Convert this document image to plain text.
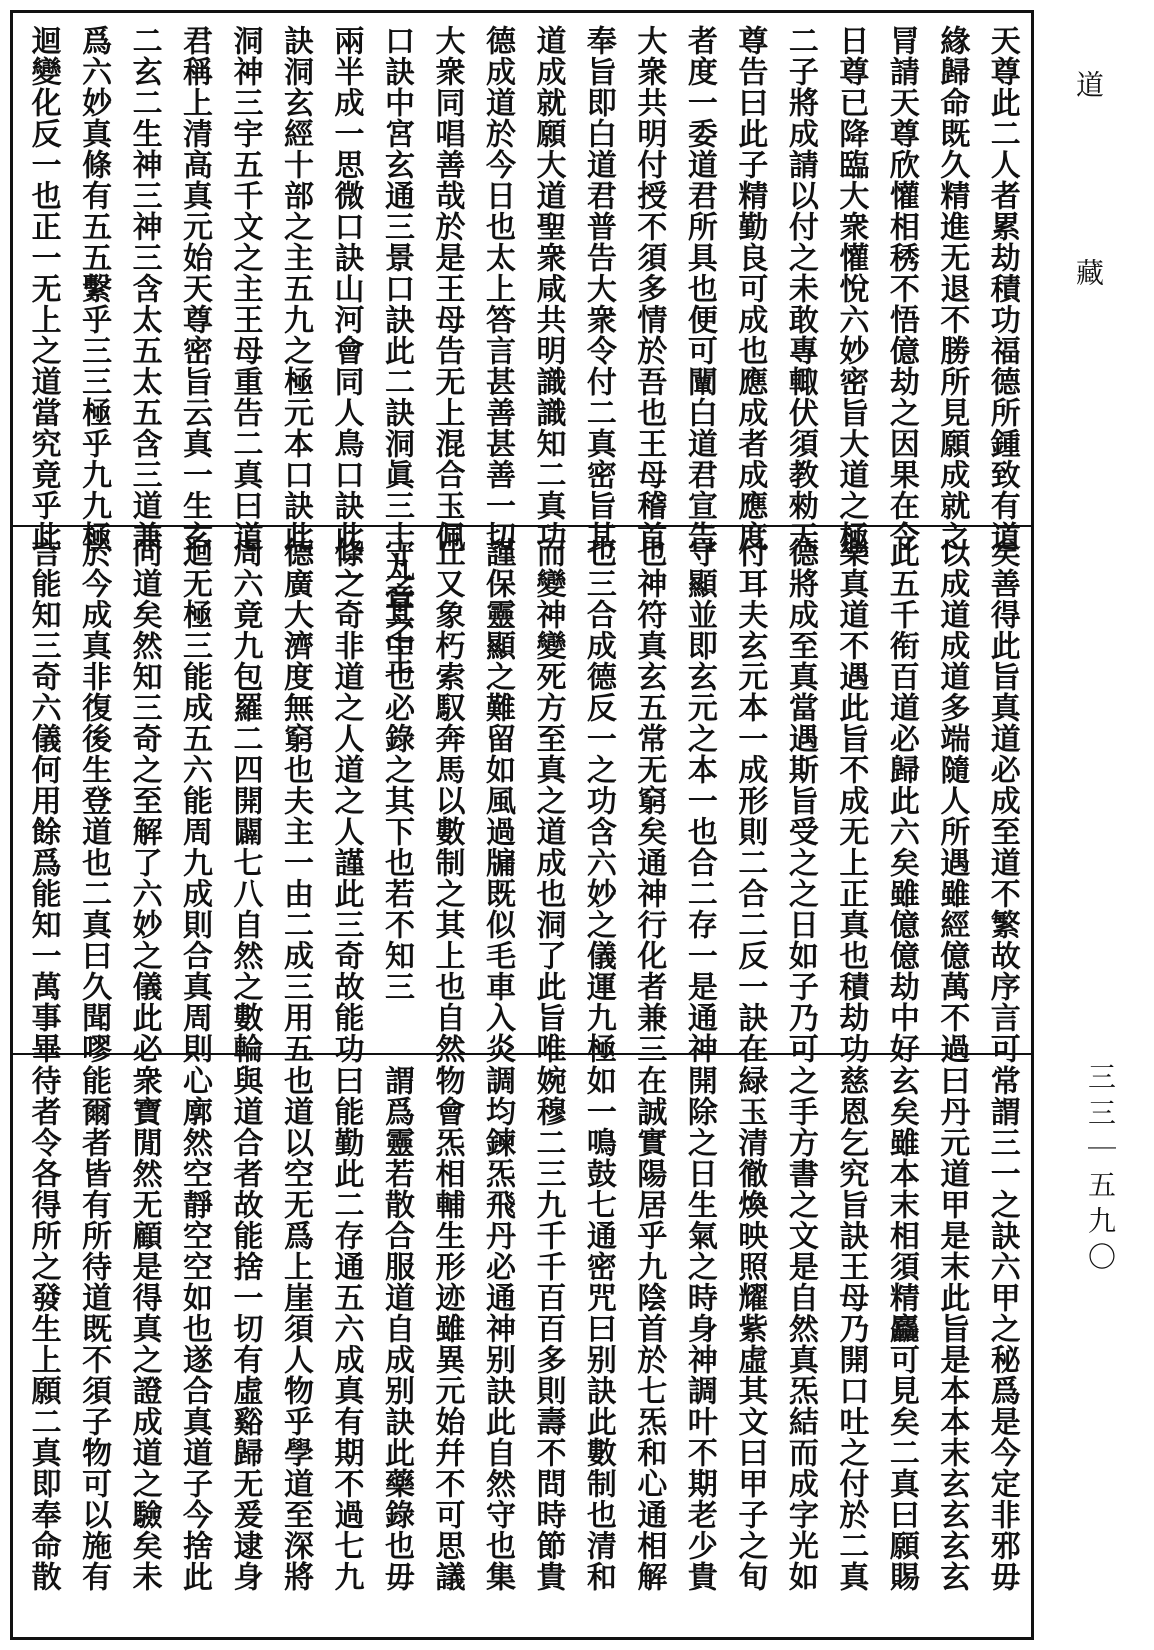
天尊此二人者累劫積功福德所鍾致有道
緣歸命既久精進无退不勝所見願成就之
冐請天尊欣懽相䅎不悟億劫之因果在令
日尊已降臨大衆懽悅六妙密旨大道之極
二子將成請以付之未敢專輙伏須教勑天
尊告曰此子精勤良可成也應成者成應度
者度一委道君所具也便可闡白道君宣告
大衆共明付授不須多情於吾也王母稽首
奉旨即白道君普告大衆令付二真密旨其
道成就願大道聖衆咸共明識識知二真功
德成道於今日也太上答言甚善甚善一切
大衆同唱善哉於是王母告无上混合玉佩
口訣中宮玄通三景口訣此二訣洞眞三十九章之主
兩半成一思微口訣山河會同人鳥口訣此二
訣洞玄經十部之主五九之極元本口訣此
洞神三宇五千文之主王母重告二真曰道
君稱上清高真元始天尊密旨云真一生玄
二玄二生神三神三含太五太五含三道兼
爲六妙真條有五五繫乎三三極乎九九極
迴變化反一也正一无上之道當究竟乎此
矣善得此旨真道必成至道不繁故序言可
以成道成道多端隨人所遇雖經億萬不過
此五千衔百道必歸此六矣雖億億劫中好
樂真道不遇此旨不成无上正真也積劫功
德將成至真當遇斯旨受之之日如子乃可
付耳夫玄元本一成形則二合二反一訣在
守顯並即玄元之本一也合二存一是通神
也神符真玄五常无窮矣通神行化者兼三
也三合成德反一之功含六妙之儀運九極
而變神變死方至真之道成也洞了此旨唯
謹保靈顯之難留如風過牖既似毛車入炎
丘又象朽索馭奔馬以數制之其上也自然
守之其中也必錄之其下也若不知三
條之奇非道之人道之人謹此三奇故能功
德廣大濟度無窮也夫主一由二成三用五
周六竟九包羅二四開闢七八自然之數輪
迴无極三能成五六能周九成則合真周則
同道矣然知三奇之至解了六妙之儀此必
於今成真非復後生登道也二真曰久聞嘐
言能知三奇六儀何用餘爲能知一萬事畢
常謂三一之訣六甲之秘爲是今定非邪毋
曰丹元道甲是末此旨是本本末玄玄玄玄
玄矣雖本末相須精麤可見矣二真曰願賜
慈恩乞究旨訣王母乃開口吐之付於二真
之手方書之文是自然真炁結而成字光如
緑玉清徹煥映照耀紫虛其文曰甲子之旬
開除之日生氣之時身神調叶不期老少貴
在誠實陽居乎九陰首於七炁和心通相解
如一鳴鼓七通密咒曰别訣此數制也清和
婉穆二三九千千百百多則壽不問時節貴
調均鍊炁飛丹必通神别訣此自然守也集
物會炁相輔生形迹雖異元始幷不可思議
謂爲靈若散合服道自成别訣此藥錄也毋
曰能勤此二存通五六成真有期不過七九
也道以空无爲上崖須人物乎學道至深將
與道合者故能捨一切有虛谿歸无爰逮身
心廓然空靜空空如也遂合真道子今捨此
衆寶閒然无顧是得真之證成道之驗矣未
能爾者皆有所待道既不須子物可以施有
待者令各得所之發生上願二真即奉命散
道藏
三三｜五九〇
